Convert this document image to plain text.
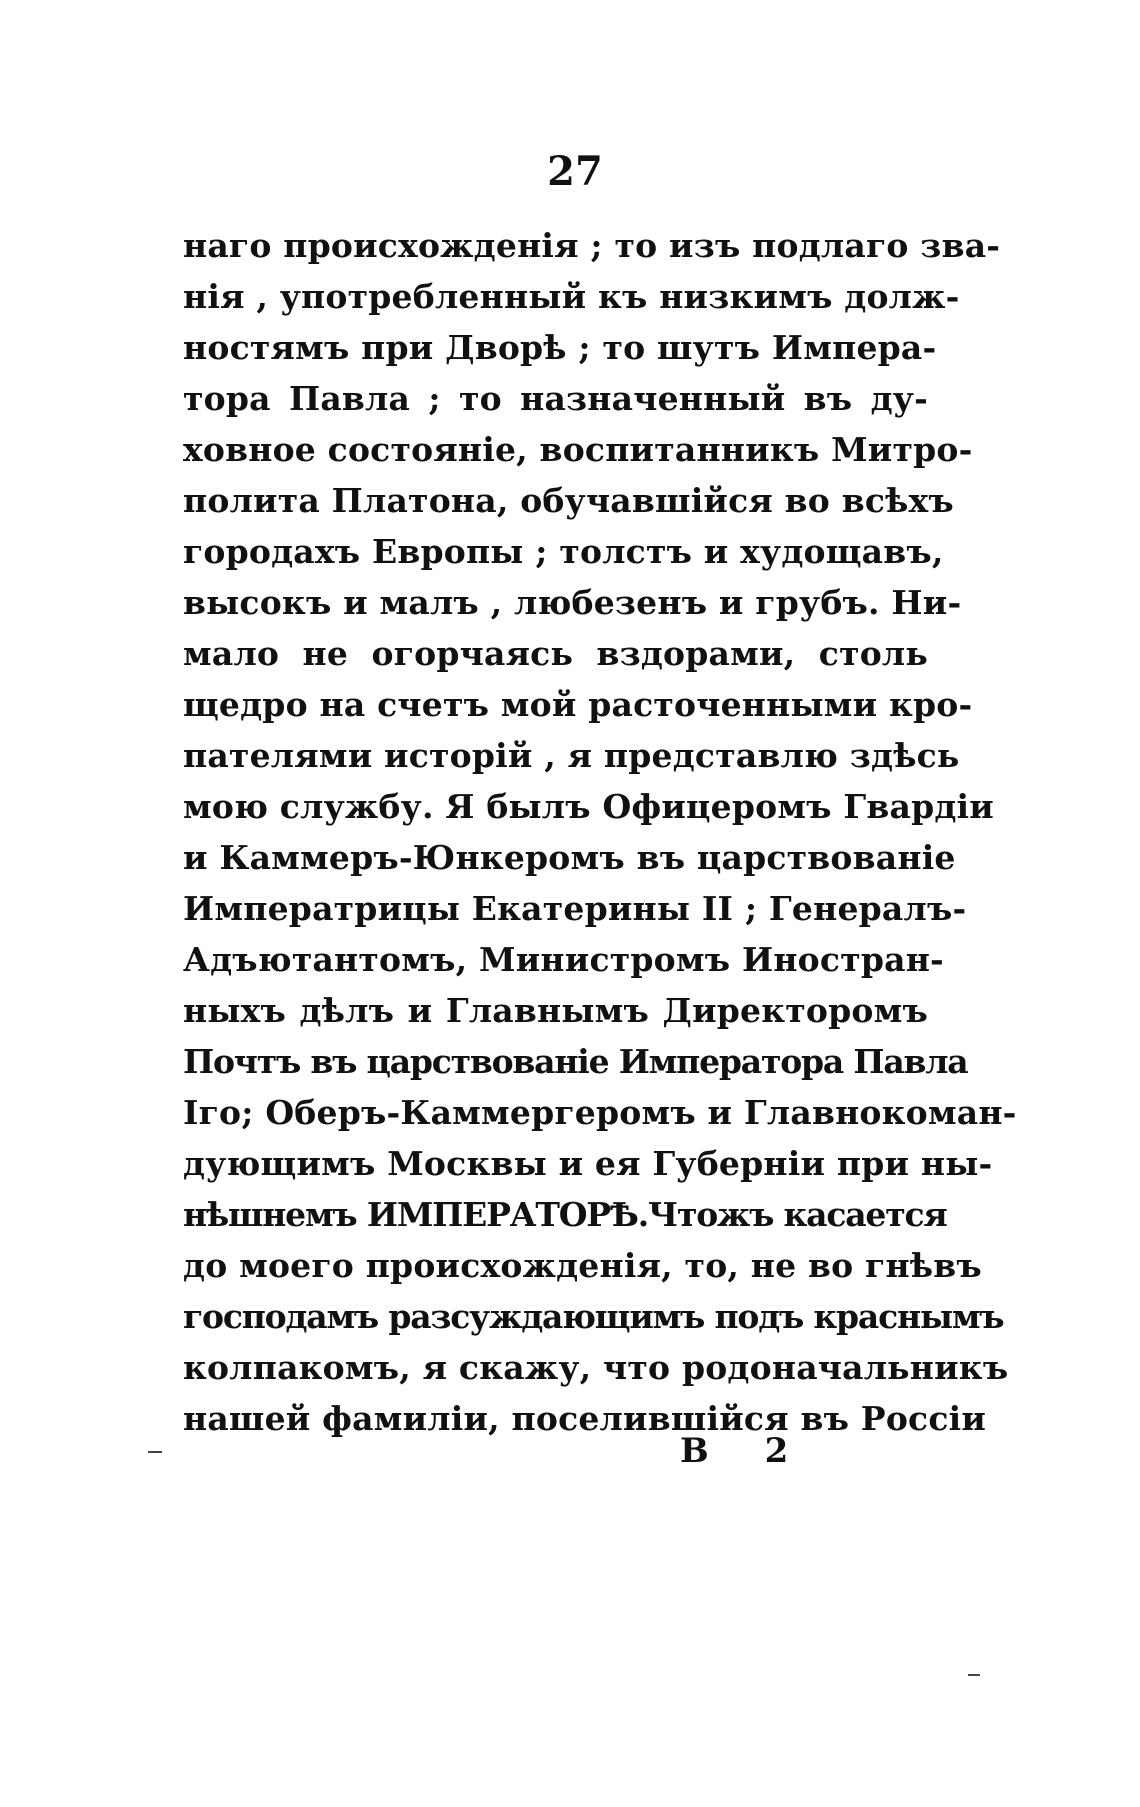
27
наго происхожденія ; то изъ подлаго зва-
нія , употребленный къ низкимъ долж-
ностямъ при Дворѣ ; то шутъ Импера-
тора Павла ; то назначенный въ ду-
ховное состояніе, воспитанникъ Митро-
полита Платона, обучавшійся во всѣхъ
городахъ Европы ; толстъ и худощавъ,
высокъ и малъ , любезенъ и грубъ. Ни-
мало не огорчаясь вздорами, столь
щедро на счетъ мой расточенными кро-
пателями исторій , я представлю здѣсь
мою службу. Я былъ Офицеромъ Гвардіи
и Каммеръ-Юнкеромъ въ царствованіе
Императрицы Екатерины II ; Генералъ-
Адъютантомъ, Министромъ Иностран-
ныхъ дѣлъ и Главнымъ Директоромъ
Почтъ въ царствованіе Императора Павла
Іго; Оберъ-Каммергеромъ и Главнокоман-
дующимъ Москвы и ея Губерніи при ны-
нѣшнемъ ИМПЕРАТОРѢ.Чтожъ касается
до моего происхожденія, то, не во гнѣвъ
господамъ разсуждающимъ подъ краснымъ
колпакомъ, я скажу, что родоначальникъ
нашей фамиліи, поселившійся въ Россіи
В 2
